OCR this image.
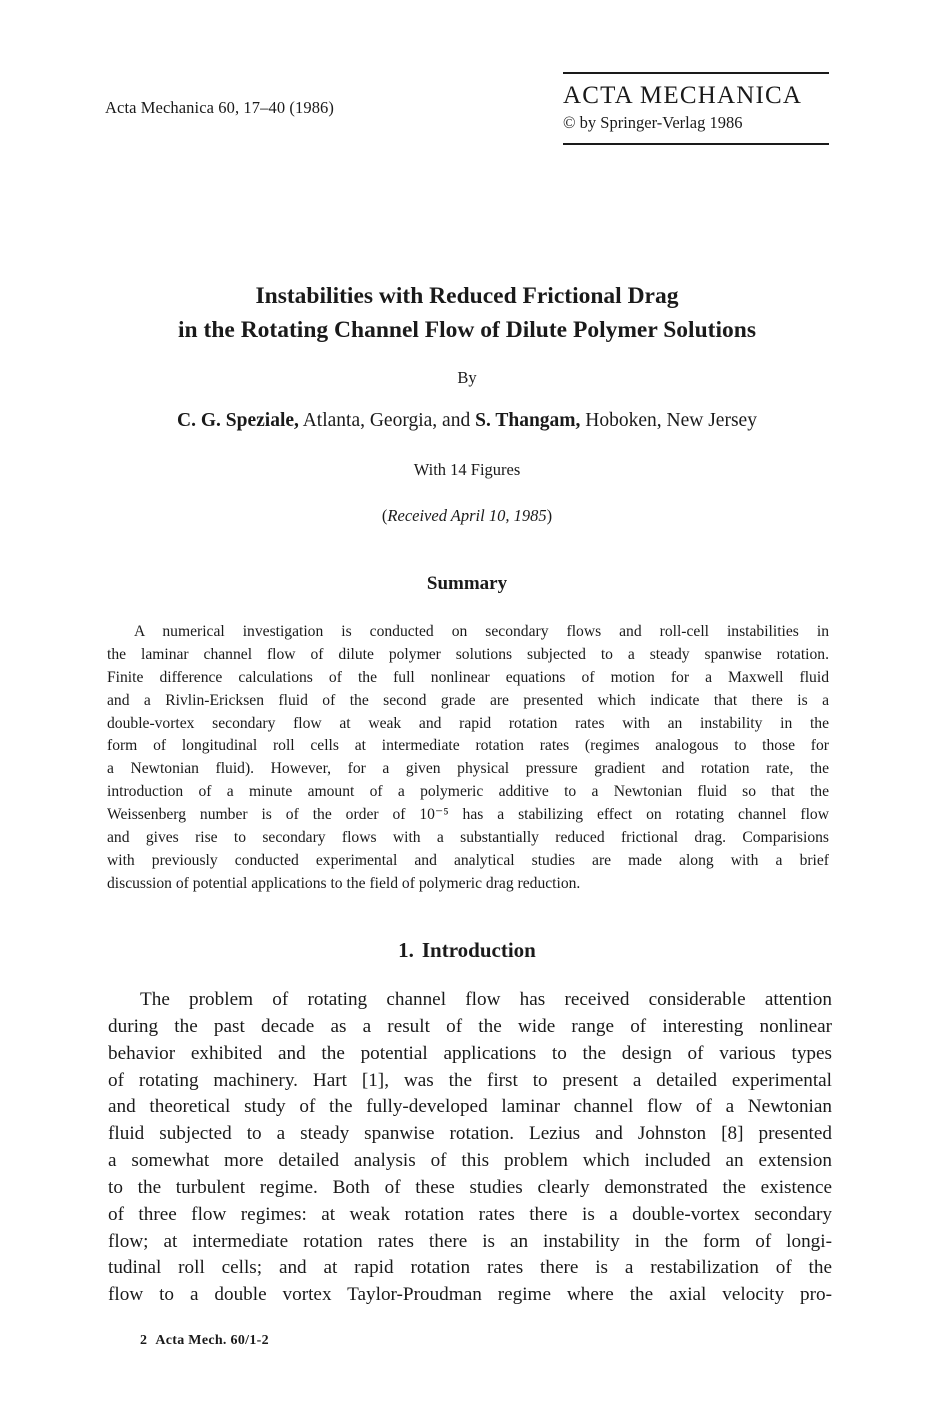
Acta Mechanica 60, 17–40 (1986)	ACTA MECHANICA
© by Springer-Verlag 1986
Instabilities with Reduced Frictional Drag
in the Rotating Channel Flow of Dilute Polymer Solutions
By
C. G. Speziale, Atlanta, Georgia, and S. Thangam, Hoboken, New Jersey
With 14 Figures
(Received April 10, 1985)
Summary
A numerical investigation is conducted on secondary flows and roll-cell instabilities in
the laminar channel flow of dilute polymer solutions subjected to a steady spanwise rotation.
Finite difference calculations of the full nonlinear equations of motion for a Maxwell fluid
and a Rivlin-Ericksen fluid of the second grade are presented which indicate that there is a
double-vortex secondary flow at weak and rapid rotation rates with an instability in the
form of longitudinal roll cells at intermediate rotation rates (regimes analogous to those for
a Newtonian fluid). However, for a given physical pressure gradient and rotation rate, the
introduction of a minute amount of a polymeric additive to a Newtonian fluid so that the
Weissenberg number is of the order of 10⁻⁵ has a stabilizing effect on rotating channel flow
and gives rise to secondary flows with a substantially reduced frictional drag. Comparisions
with previously conducted experimental and analytical studies are made along with a brief
discussion of potential applications to the field of polymeric drag reduction.
1. Introduction
The problem of rotating channel flow has received considerable attention
during the past decade as a result of the wide range of interesting nonlinear
behavior exhibited and the potential applications to the design of various types
of rotating machinery. Hart [1], was the first to present a detailed experimental
and theoretical study of the fully-developed laminar channel flow of a Newtonian
fluid subjected to a steady spanwise rotation. Lezius and Johnston [8] presented
a somewhat more detailed analysis of this problem which included an extension
to the turbulent regime. Both of these studies clearly demonstrated the existence
of three flow regimes: at weak rotation rates there is a double-vortex secondary
flow; at intermediate rotation rates there is an instability in the form of longi-
tudinal roll cells; and at rapid rotation rates there is a restabilization of the
flow to a double vortex Taylor-Proudman regime where the axial velocity pro-
2 Acta Mech. 60/1-2
